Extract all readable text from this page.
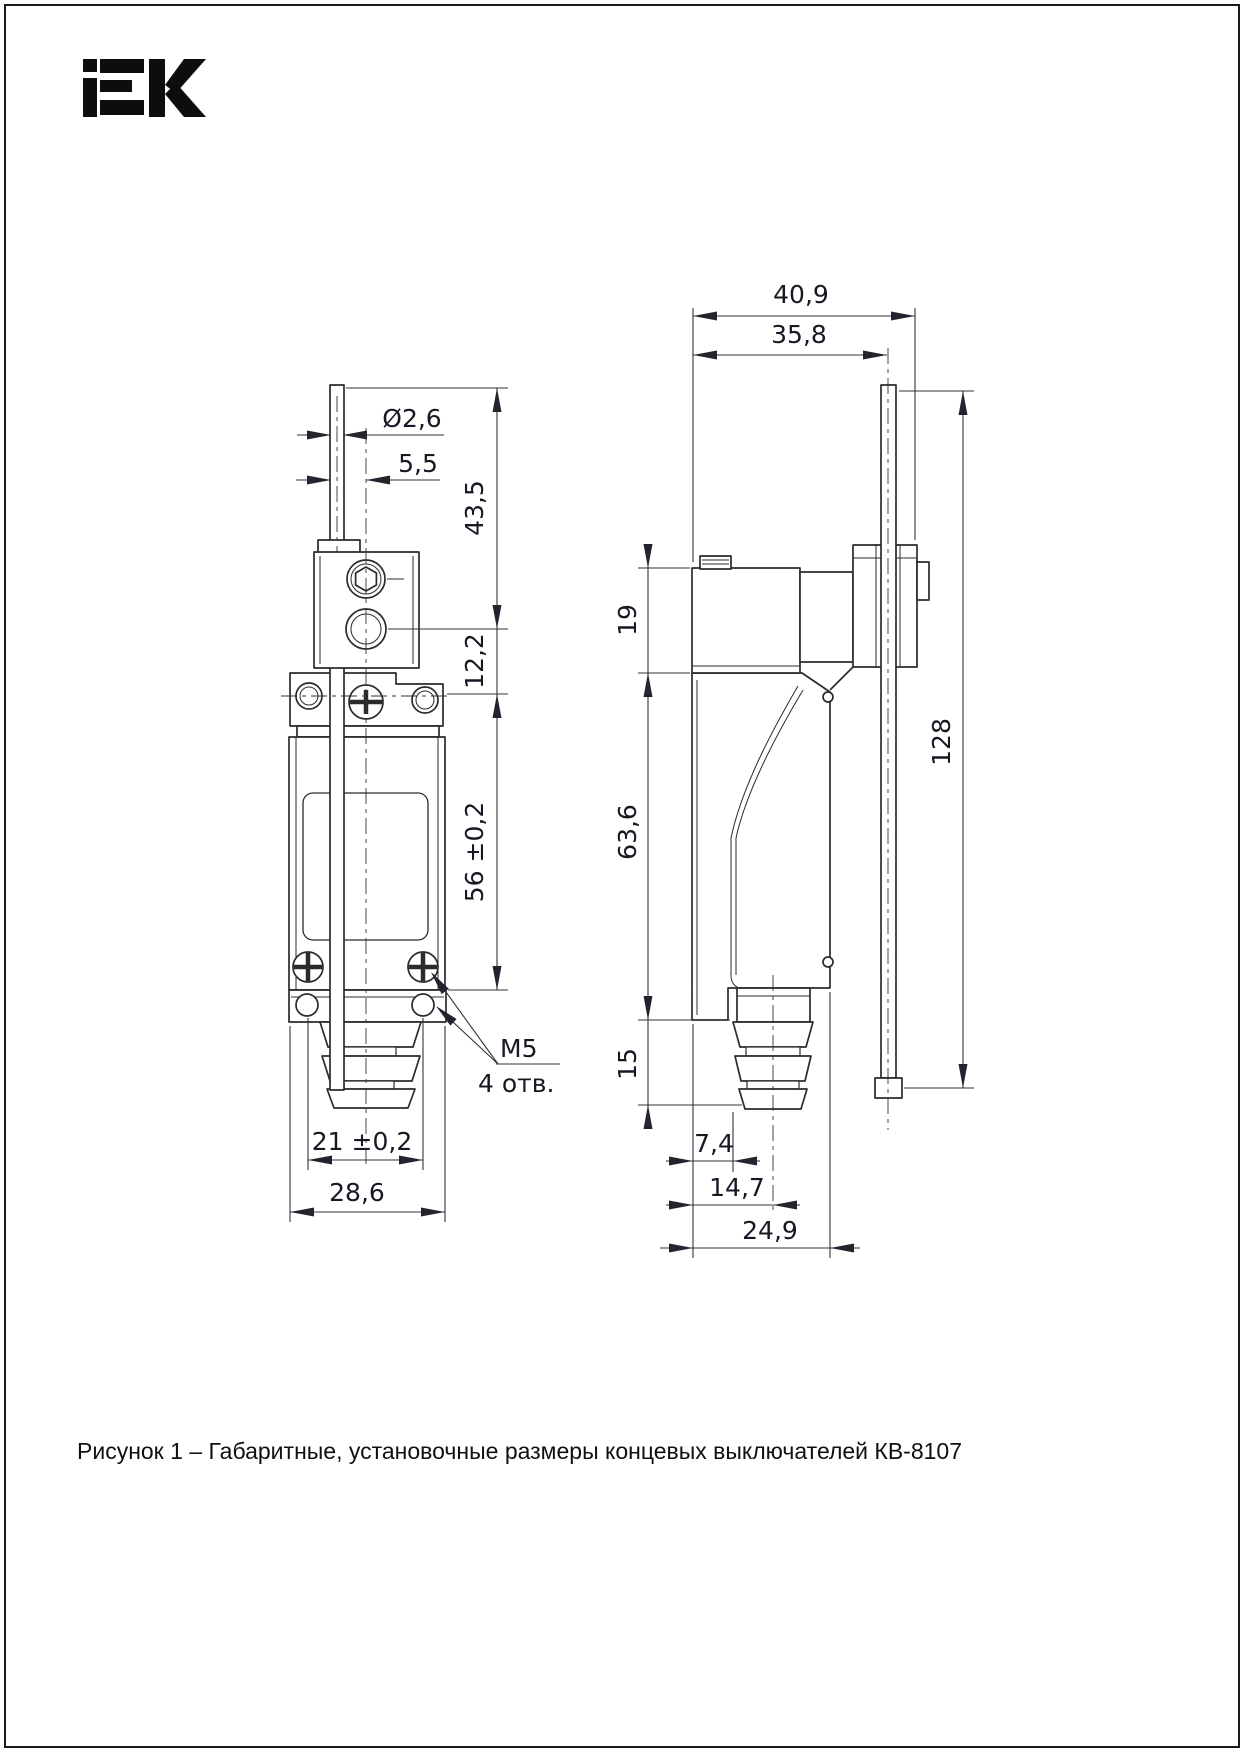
Ø2,6
5,5
43,5
12,2
56 ±0,2
М5
4 отв.
21 ±0,2
28,6
40,9
35,8
19
63,6
15
7,4
14,7
24,9
128
Рисунок 1 – Габаритные, установочные размеры концевых выключателей КВ-8107
